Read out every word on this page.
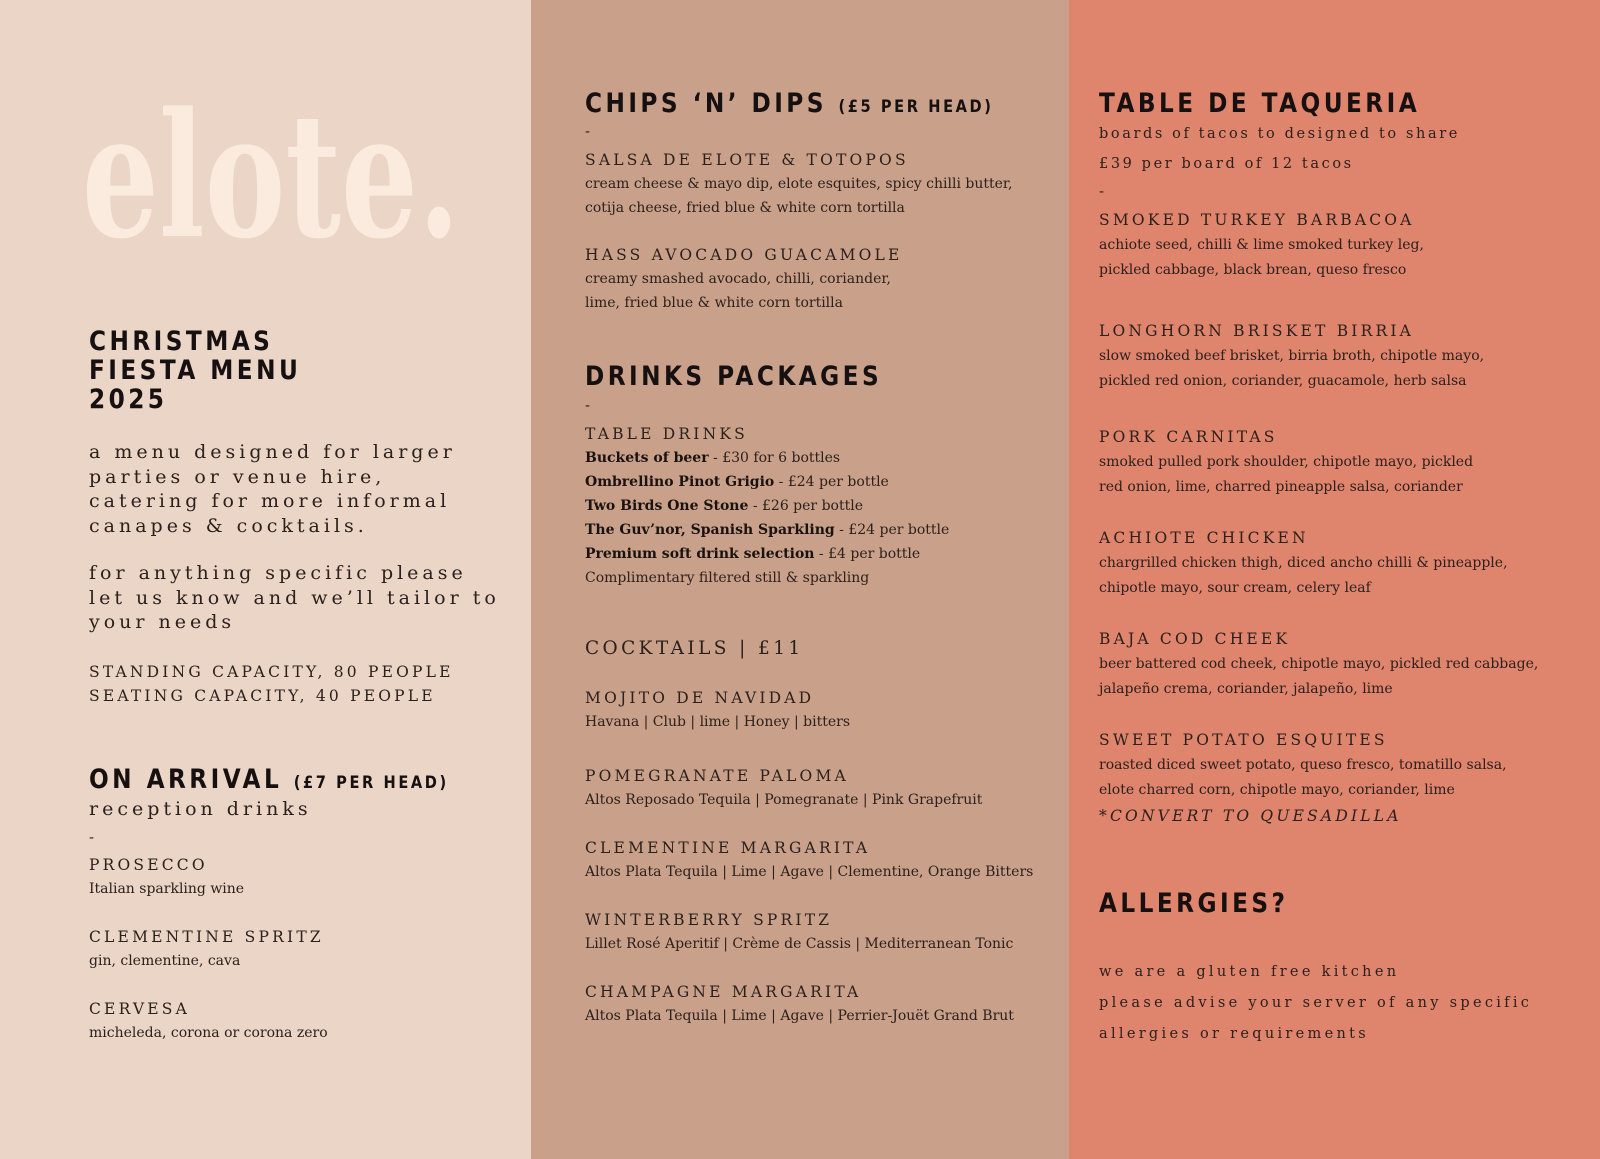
elote.
CHRISTMAS
FIESTA MENU
2025
a menu designed for larger
parties or venue hire,
catering for more informal
canapes & cocktails.
for anything specific please
let us know and we’ll tailor to
your needs
STANDING CAPACITY, 80 PEOPLE
SEATING CAPACITY, 40 PEOPLE
ON ARRIVAL (£7 PER HEAD)
reception drinks
-
PROSECCO
Italian sparkling wine
CLEMENTINE SPRITZ
gin, clementine, cava
CERVESA
micheleda, corona or corona zero
CHIPS ‘N’ DIPS (£5 PER HEAD)
-
SALSA DE ELOTE & TOTOPOS
cream cheese & mayo dip, elote esquites, spicy chilli butter,
cotija cheese, fried blue & white corn tortilla
HASS AVOCADO GUACAMOLE
creamy smashed avocado, chilli, coriander,
lime, fried blue & white corn tortilla
DRINKS PACKAGES
-
TABLE DRINKS
Buckets of beer - £30 for 6 bottles
Ombrellino Pinot Grigio - £24 per bottle
Two Birds One Stone - £26 per bottle
The Guv’nor, Spanish Sparkling - £24 per bottle
Premium soft drink selection - £4 per bottle
Complimentary filtered still & sparkling
COCKTAILS | £11
MOJITO DE NAVIDAD
Havana | Club | lime | Honey | bitters
POMEGRANATE PALOMA
Altos Reposado Tequila | Pomegranate | Pink Grapefruit
CLEMENTINE MARGARITA
Altos Plata Tequila | Lime | Agave | Clementine, Orange Bitters
WINTERBERRY SPRITZ
Lillet Rosé Aperitif | Crème de Cassis | Mediterranean Tonic
CHAMPAGNE MARGARITA
Altos Plata Tequila | Lime | Agave | Perrier-Jouët Grand Brut
TABLE DE TAQUERIA
boards of tacos to designed to share
£39 per board of 12 tacos
-
SMOKED TURKEY BARBACOA
achiote seed, chilli & lime smoked turkey leg,
pickled cabbage, black brean, queso fresco
LONGHORN BRISKET BIRRIA
slow smoked beef brisket, birria broth, chipotle mayo,
pickled red onion, coriander, guacamole, herb salsa
PORK CARNITAS
smoked pulled pork shoulder, chipotle mayo, pickled
red onion, lime, charred pineapple salsa, coriander
ACHIOTE CHICKEN
chargrilled chicken thigh, diced ancho chilli & pineapple,
chipotle mayo, sour cream, celery leaf
BAJA COD CHEEK
beer battered cod cheek, chipotle mayo, pickled red cabbage,
jalapeño crema, coriander, jalapeño, lime
SWEET POTATO ESQUITES
roasted diced sweet potato, queso fresco, tomatillo salsa,
elote charred corn, chipotle mayo, coriander, lime
*CONVERT TO QUESADILLA
ALLERGIES?
we are a gluten free kitchen
please advise your server of any specific
allergies or requirements
